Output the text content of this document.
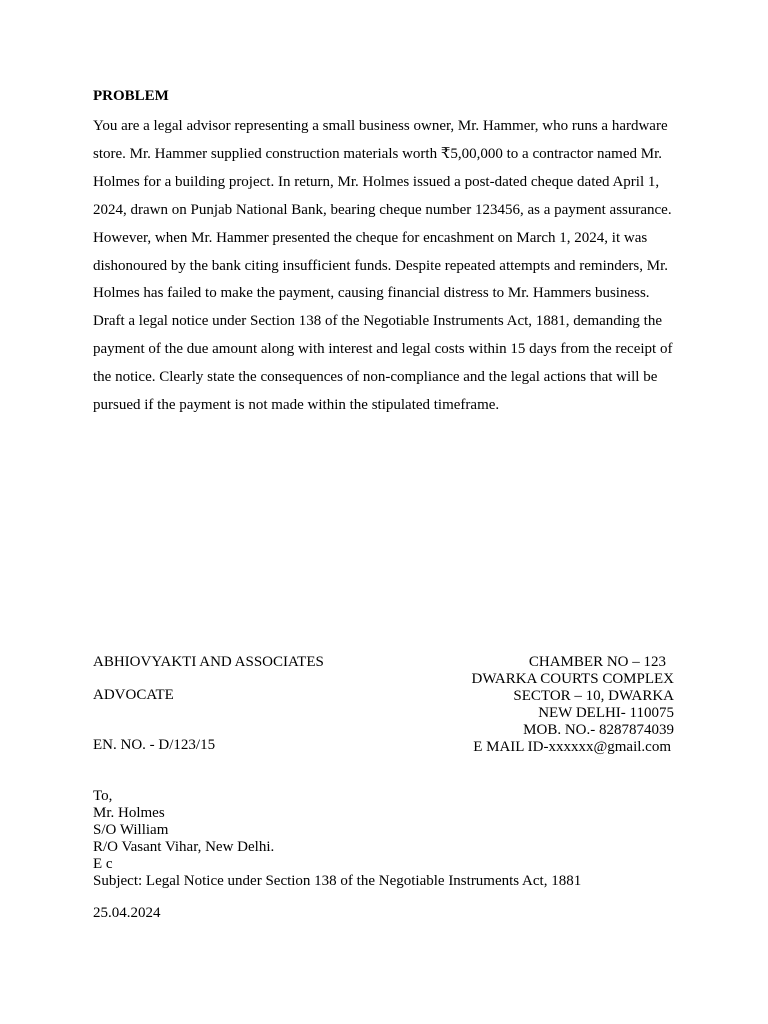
PROBLEM

You are a legal advisor representing a small business owner, Mr. Hammer, who runs a hardware store. Mr. Hammer supplied construction materials worth ₹5,00,000 to a contractor named Mr. Holmes for a building project. In return, Mr. Holmes issued a post-dated cheque dated April 1, 2024, drawn on Punjab National Bank, bearing cheque number 123456, as a payment assurance.

However, when Mr. Hammer presented the cheque for encashment on March 1, 2024, it was dishonoured by the bank citing insufficient funds. Despite repeated attempts and reminders, Mr. Holmes has failed to make the payment, causing financial distress to Mr. Hammers business.

Draft a legal notice under Section 138 of the Negotiable Instruments Act, 1881, demanding the payment of the due amount along with interest and legal costs within 15 days from the receipt of the notice. Clearly state the consequences of non-compliance and the legal actions that will be pursued if the payment is not made within the stipulated timeframe.

ABHIOVYAKTI AND ASSOCIATES
ADVOCATE
EN. NO. - D/123/15
CHAMBER NO – 123
DWARKA COURTS COMPLEX
SECTOR – 10, DWARKA
NEW DELHI- 110075
MOB. NO.- 8287874039
E MAIL ID-xxxxxx@gmail.com
To,
Mr. Holmes
S/O William
R/O Vasant Vihar, New Delhi.
E c
Subject: Legal Notice under Section 138 of the Negotiable Instruments Act, 1881
25.04.2024
